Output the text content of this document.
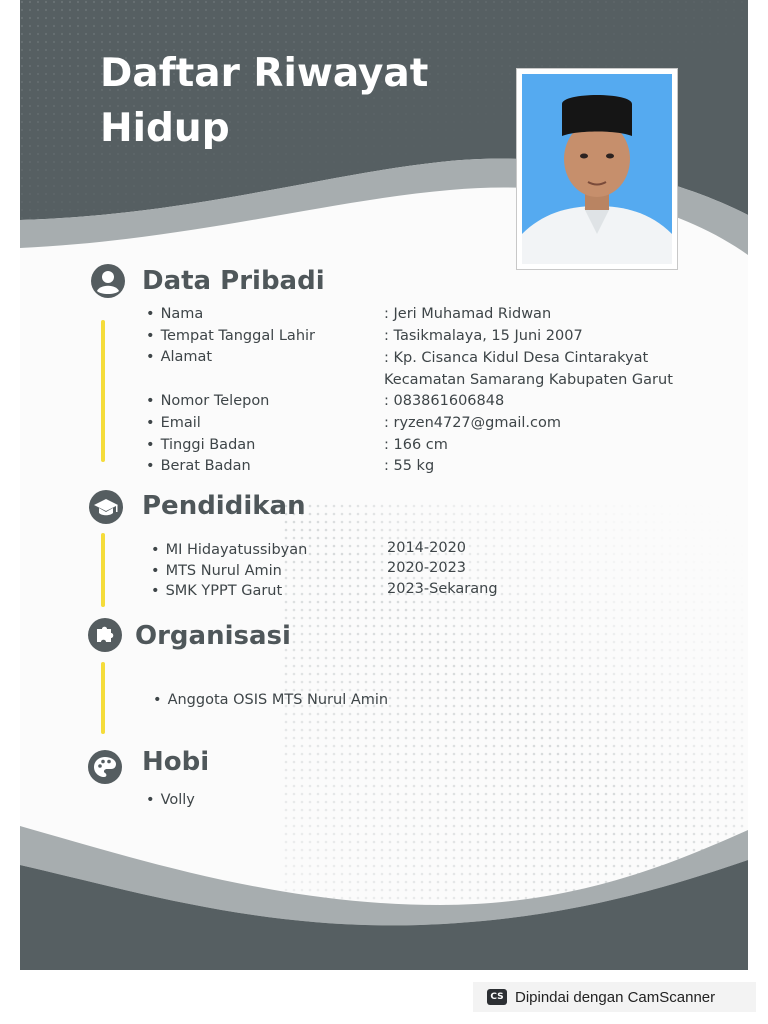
Daftar Riwayat Hidup
Data Pribadi
• Nama	: Jeri Muhamad Ridwan
• Tempat Tanggal Lahir	: Tasikmalaya, 15 Juni 2007
• Alamat	: Kp. Cisanca Kidul Desa Cintarakyat
Kecamatan Samarang Kabupaten Garut
• Nomor Telepon	: 083861606848
• Email	: ryzen4727@gmail.com
• Tinggi Badan	: 166 cm
• Berat Badan	: 55 kg
Pendidikan
• MI Hidayatussibyan	2014-2020
• MTS Nurul Amin	2020-2023
• SMK YPPT Garut	2023-Sekarang
Organisasi
• Anggota OSIS MTS Nurul Amin
Hobi
• Volly
CS Dipindai dengan CamScanner
